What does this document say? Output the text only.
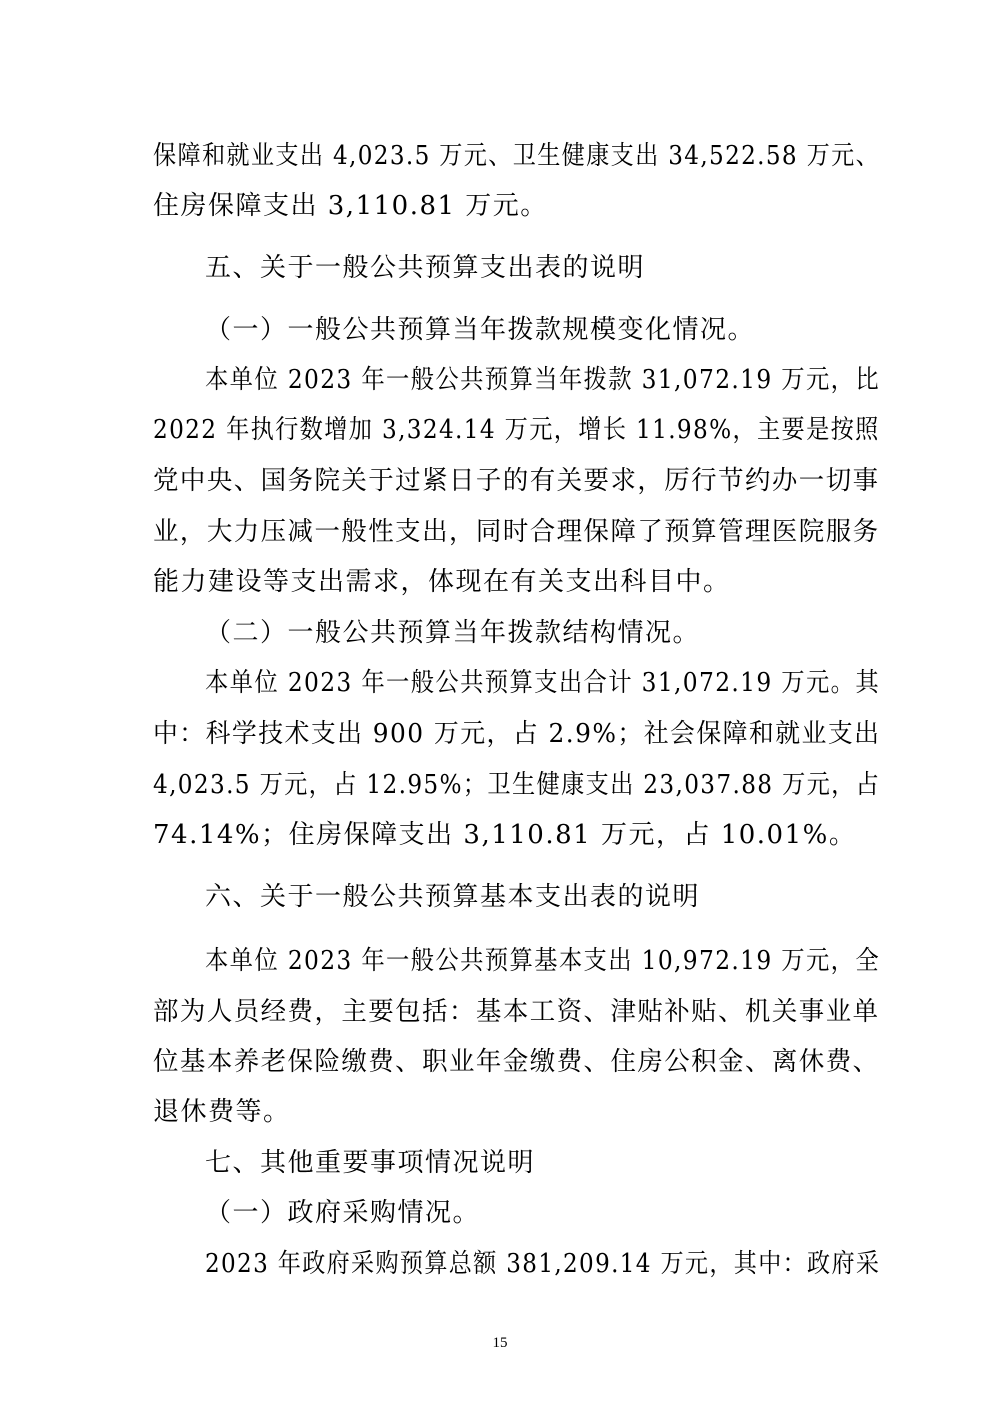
保障和就业支出 4,023.5 万元、卫生健康支出 34,522.58 万元、
住房保障支出 3,110.81 万元。
五、关于一般公共预算支出表的说明
（一）一般公共预算当年拨款规模变化情况。
本单位 2023 年一般公共预算当年拨款 31,072.19 万元，比
2022 年执行数增加 3,324.14 万元，增长 11.98%，主要是按照
党中央、国务院关于过紧日子的有关要求，厉行节约办一切事
业，大力压减一般性支出，同时合理保障了预算管理医院服务
能力建设等支出需求，体现在有关支出科目中。
（二）一般公共预算当年拨款结构情况。
本单位 2023 年一般公共预算支出合计 31,072.19 万元。其
中：科学技术支出 900 万元，占 2.9%；社会保障和就业支出
4,023.5 万元，占 12.95%；卫生健康支出 23,037.88 万元，占
74.14%；住房保障支出 3,110.81 万元，占 10.01%。
六、关于一般公共预算基本支出表的说明
本单位 2023 年一般公共预算基本支出 10,972.19 万元，全
部为人员经费，主要包括：基本工资、津贴补贴、机关事业单
位基本养老保险缴费、职业年金缴费、住房公积金、离休费、
退休费等。
七、其他重要事项情况说明
（一）政府采购情况。
2023 年政府采购预算总额 381,209.14 万元，其中：政府采
15
